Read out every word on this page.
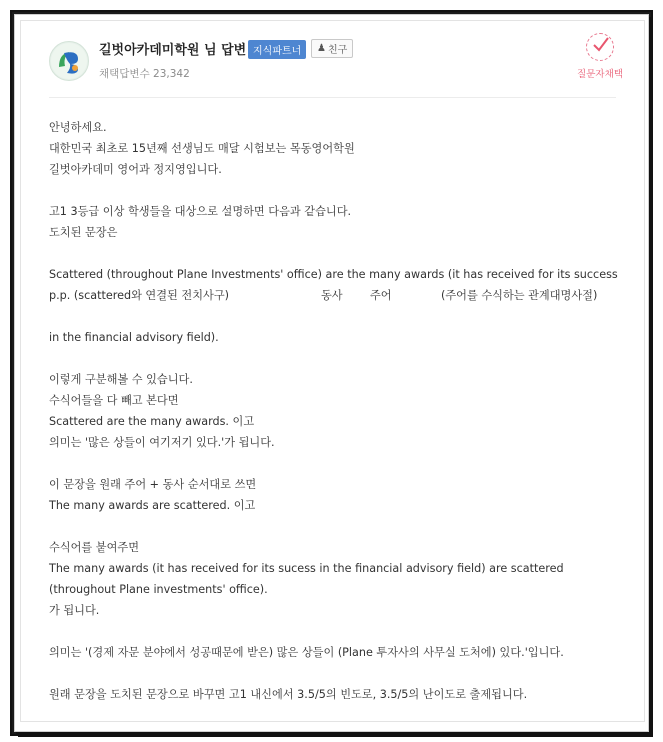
길벗아카데미학원 님 답변 지식파트너	♟ 친구
채택답변수 23,342	질문자채택

안녕하세요.

대한민국 최초로 15년째 선생님도 매달 시험보는 목동영어학원

길벗아카데미 영어과 정지영입니다.

고1 3등급 이상 학생들을 대상으로 설명하면 다음과 같습니다.

도치된 문장은

Scattered (throughout Plane Investments' office) are the many awards (it has received for its success

p.p. (scattered와 연결된 전치사구)	동사 주어	(주어를 수식하는 관계대명사절)

in the financial advisory field).

이렇게 구분해볼 수 있습니다.

수식어들을 다 빼고 본다면

Scattered are the many awards. 이고

의미는 '많은 상들이 여기저기 있다.'가 됩니다.

이 문장을 원래 주어 + 동사 순서대로 쓰면

The many awards are scattered. 이고

수식어를 붙여주면

The many awards (it has received for its sucess in the financial advisory field) are scattered

(throughout Plane investments' office).

가 됩니다.

의미는 '(경제 자문 분야에서 성공때문에 받은) 많은 상들이 (Plane 투자사의 사무실 도처에) 있다.'입니다.

원래 문장을 도치된 문장으로 바꾸면 고1 내신에서 3.5/5의 빈도로, 3.5/5의 난이도로 출제됩니다.
